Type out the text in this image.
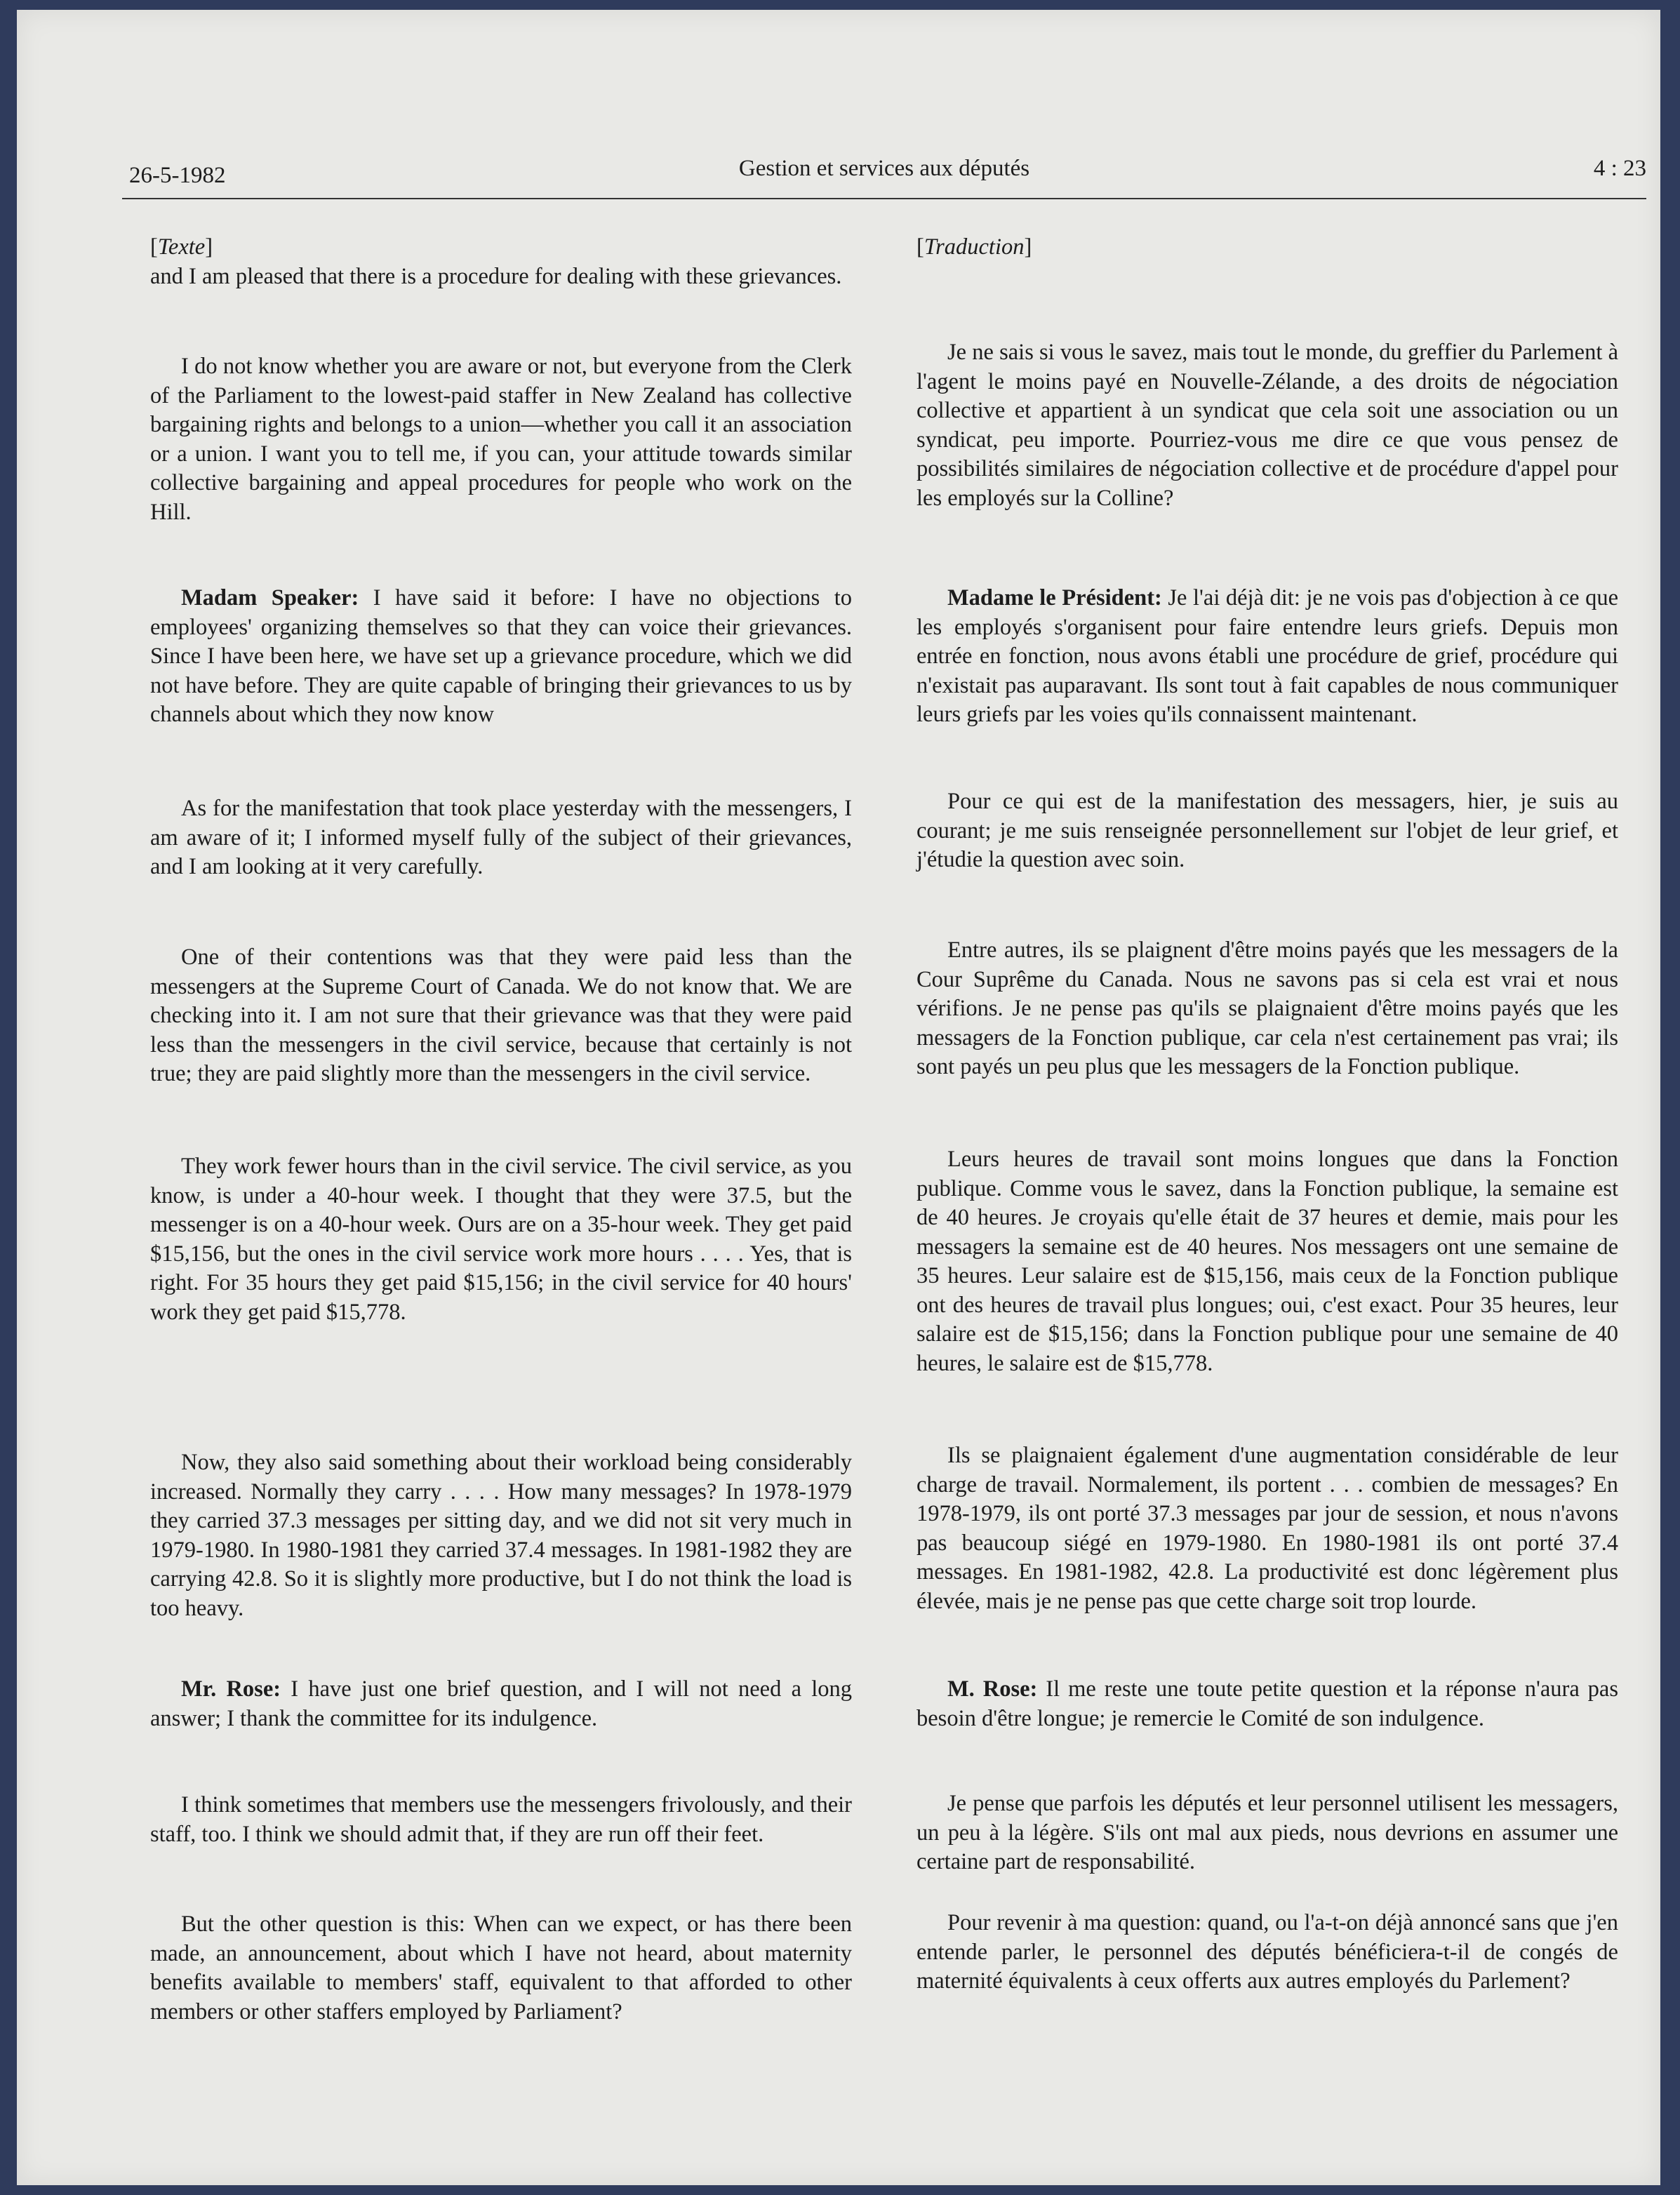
26-5-1982	Gestion et services aux députés	4 : 23

[Texte]

and I am pleased that there is a procedure for dealing with these grievances.

I do not know whether you are aware or not, but everyone from the Clerk of the Parliament to the lowest-paid staffer in New Zealand has collective bargaining rights and belongs to a union—whether you call it an association or a union. I want you to tell me, if you can, your attitude towards similar collective bargaining and appeal procedures for people who work on the Hill.

Madam Speaker: I have said it before: I have no objections to employees' organizing themselves so that they can voice their grievances. Since I have been here, we have set up a grievance procedure, which we did not have before. They are quite capable of bringing their grievances to us by channels about which they now know

As for the manifestation that took place yesterday with the messengers, I am aware of it; I informed myself fully of the subject of their grievances, and I am looking at it very carefully.

One of their contentions was that they were paid less than the messengers at the Supreme Court of Canada. We do not know that. We are checking into it. I am not sure that their grievance was that they were paid less than the messengers in the civil service, because that certainly is not true; they are paid slightly more than the messengers in the civil service.

They work fewer hours than in the civil service. The civil service, as you know, is under a 40-hour week. I thought that they were 37.5, but the messenger is on a 40-hour week. Ours are on a 35-hour week. They get paid $15,156, but the ones in the civil service work more hours . . . . Yes, that is right. For 35 hours they get paid $15,156; in the civil service for 40 hours' work they get paid $15,778.

Now, they also said something about their workload being considerably increased. Normally they carry . . . . How many messages? In 1978-1979 they carried 37.3 messages per sitting day, and we did not sit very much in 1979-1980. In 1980-1981 they carried 37.4 messages. In 1981-1982 they are carrying 42.8. So it is slightly more productive, but I do not think the load is too heavy.

Mr. Rose: I have just one brief question, and I will not need a long answer; I thank the committee for its indulgence.

I think sometimes that members use the messengers frivolously, and their staff, too. I think we should admit that, if they are run off their feet.

But the other question is this: When can we expect, or has there been made, an announcement, about which I have not heard, about maternity benefits available to members' staff, equivalent to that afforded to other members or other staffers employed by Parliament?

[Traduction]

Je ne sais si vous le savez, mais tout le monde, du greffier du Parlement à l'agent le moins payé en Nouvelle-Zélande, a des droits de négociation collective et appartient à un syndicat que cela soit une association ou un syndicat, peu importe. Pourriez-vous me dire ce que vous pensez de possibilités similaires de négociation collective et de procédure d'appel pour les employés sur la Colline?

Madame le Président: Je l'ai déjà dit: je ne vois pas d'objection à ce que les employés s'organisent pour faire entendre leurs griefs. Depuis mon entrée en fonction, nous avons établi une procédure de grief, procédure qui n'existait pas auparavant. Ils sont tout à fait capables de nous communiquer leurs griefs par les voies qu'ils connaissent maintenant.

Pour ce qui est de la manifestation des messagers, hier, je suis au courant; je me suis renseignée personnellement sur l'objet de leur grief, et j'étudie la question avec soin.

Entre autres, ils se plaignent d'être moins payés que les messagers de la Cour Suprême du Canada. Nous ne savons pas si cela est vrai et nous vérifions. Je ne pense pas qu'ils se plaignaient d'être moins payés que les messagers de la Fonction publique, car cela n'est certainement pas vrai; ils sont payés un peu plus que les messagers de la Fonction publique.

Leurs heures de travail sont moins longues que dans la Fonction publique. Comme vous le savez, dans la Fonction publique, la semaine est de 40 heures. Je croyais qu'elle était de 37 heures et demie, mais pour les messagers la semaine est de 40 heures. Nos messagers ont une semaine de 35 heures. Leur salaire est de $15,156, mais ceux de la Fonction publique ont des heures de travail plus longues; oui, c'est exact. Pour 35 heures, leur salaire est de $15,156; dans la Fonction publique pour une semaine de 40 heures, le salaire est de $15,778.

Ils se plaignaient également d'une augmentation considérable de leur charge de travail. Normalement, ils portent . . . combien de messages? En 1978-1979, ils ont porté 37.3 messages par jour de session, et nous n'avons pas beaucoup siégé en 1979-1980. En 1980-1981 ils ont porté 37.4 messages. En 1981-1982, 42.8. La productivité est donc légèrement plus élevée, mais je ne pense pas que cette charge soit trop lourde.

M. Rose: Il me reste une toute petite question et la réponse n'aura pas besoin d'être longue; je remercie le Comité de son indulgence.

Je pense que parfois les députés et leur personnel utilisent les messagers, un peu à la légère. S'ils ont mal aux pieds, nous devrions en assumer une certaine part de responsabilité.

Pour revenir à ma question: quand, ou l'a-t-on déjà annoncé sans que j'en entende parler, le personnel des députés bénéficiera-t-il de congés de maternité équivalents à ceux offerts aux autres employés du Parlement?
